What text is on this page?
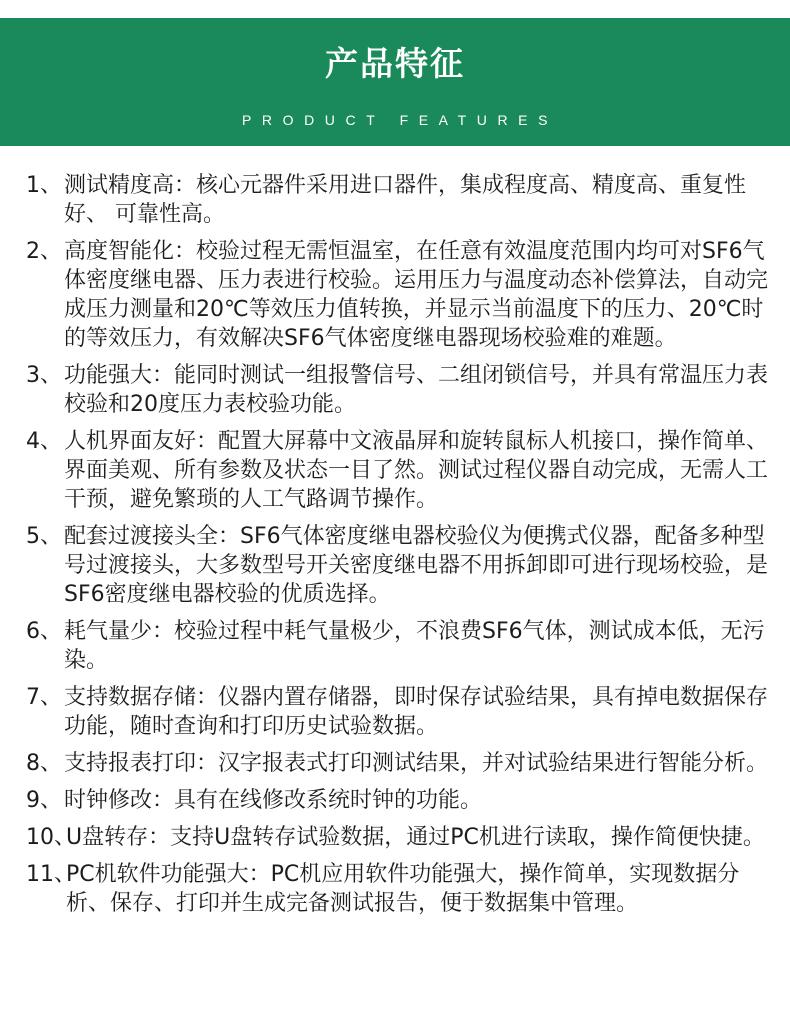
产品特征
PRODUCT FEATURES
1、 测试精度高：核心元器件采用进口器件，集成程度高、精度高、重复性好、 可靠性高。
2、 高度智能化：校验过程无需恒温室，在任意有效温度范围内均可对SF6气体密度继电器、压力表进行校验。运用压力与温度动态补偿算法，自动完成压力测量和20℃等效压力值转换，并显示当前温度下的压力、20℃时的等效压力，有效解决SF6气体密度继电器现场校验难的难题。
3、 功能强大：能同时测试一组报警信号、二组闭锁信号，并具有常温压力表校验和20度压力表校验功能。
4、 人机界面友好：配置大屏幕中文液晶屏和旋转鼠标人机接口，操作简单、界面美观、所有参数及状态一目了然。测试过程仪器自动完成，无需人工干预，避免繁琐的人工气路调节操作。
5、 配套过渡接头全：SF6气体密度继电器校验仪为便携式仪器，配备多种型号过渡接头，大多数型号开关密度继电器不用拆卸即可进行现场校验，是SF6密度继电器校验的优质选择。
6、 耗气量少：校验过程中耗气量极少，不浪费SF6气体，测试成本低，无污染。
7、 支持数据存储：仪器内置存储器，即时保存试验结果，具有掉电数据保存功能，随时查询和打印历史试验数据。
8、 支持报表打印：汉字报表式打印测试结果，并对试验结果进行智能分析。
9、 时钟修改：具有在线修改系统时钟的功能。
10、
U盘转存：支持U盘转存试验数据，通过PC机进行读取，操作简便快捷。
11、
PC机软件功能强大：PC机应用软件功能强大，操作简单，实现数据分析、保存、打印并生成完备测试报告，便于数据集中管理。
